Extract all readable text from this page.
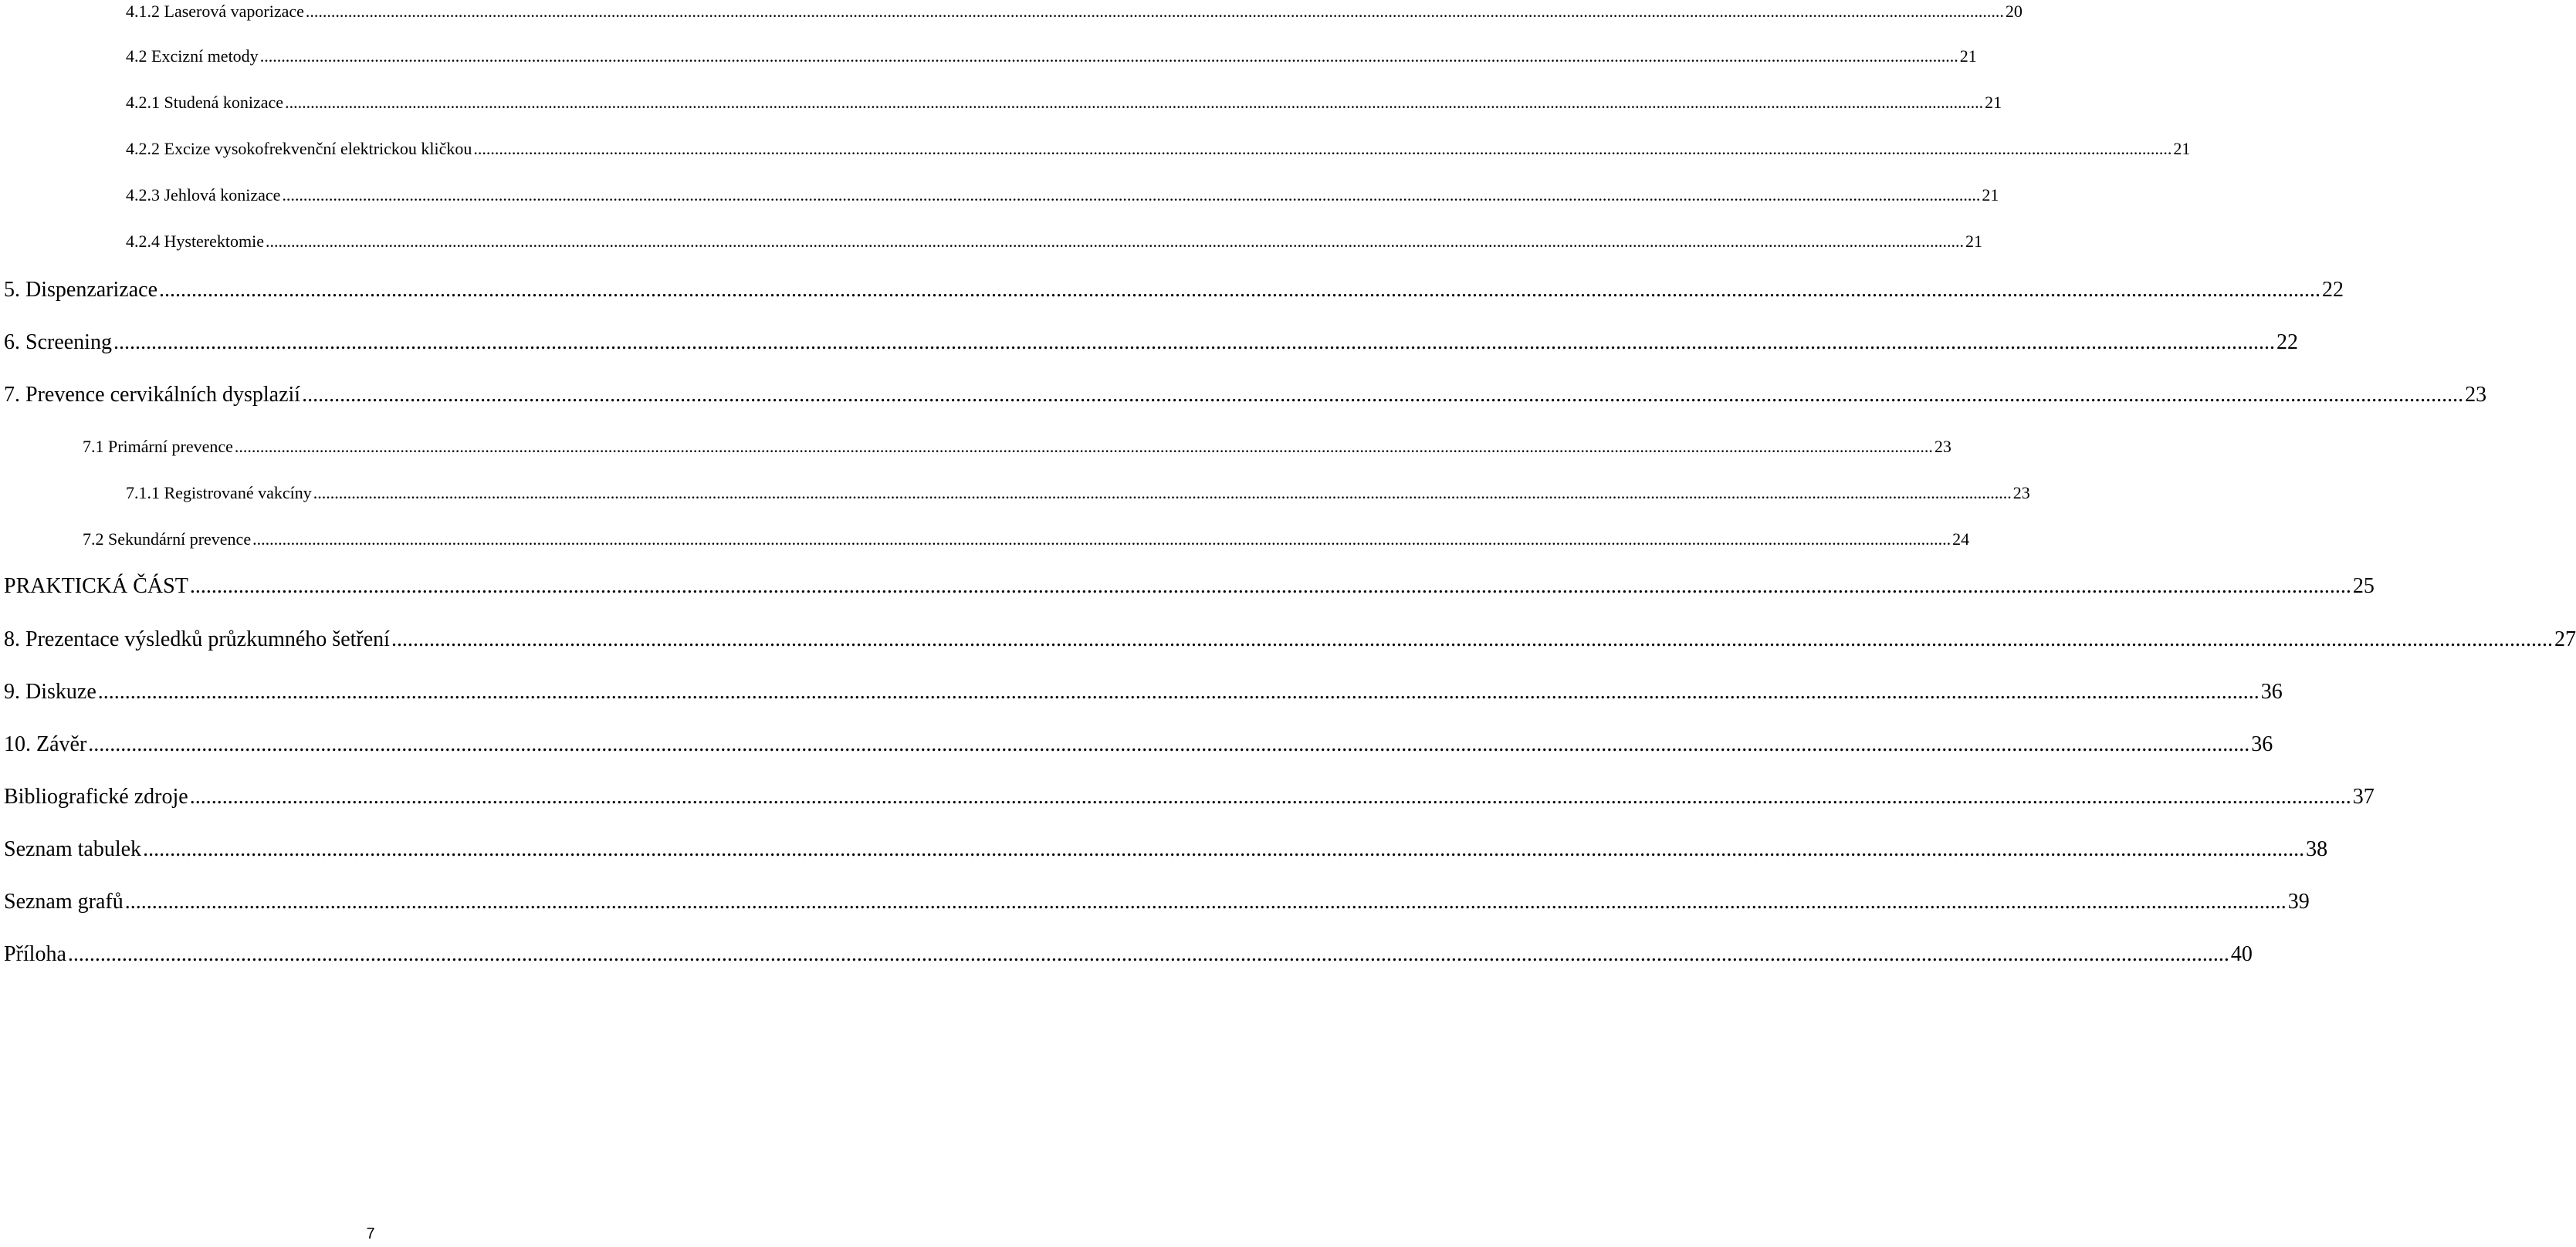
4.1.2 Laserová vaporizace ................................................................................................................................................................................................................................................................................................................................................................................................................ 20
4.2 Excizní metody ................................................................................................................................................................................................................................................................................................................................................................................................................ 21
4.2.1 Studená konizace ................................................................................................................................................................................................................................................................................................................................................................................................................ 21
4.2.2 Excize vysokofrekvenční elektrickou kličkou ................................................................................................................................................................................................................................................................................................................................................................................................................ 21
4.2.3 Jehlová konizace ................................................................................................................................................................................................................................................................................................................................................................................................................ 21
4.2.4 Hysterektomie ................................................................................................................................................................................................................................................................................................................................................................................................................ 21
5. Dispenzarizace ................................................................................................................................................................................................................................................................................................................................................................................................................ 22
6. Screening ................................................................................................................................................................................................................................................................................................................................................................................................................ 22
7. Prevence cervikálních dysplazií ................................................................................................................................................................................................................................................................................................................................................................................................................ 23
7.1 Primární prevence ................................................................................................................................................................................................................................................................................................................................................................................................................ 23
7.1.1 Registrované vakcíny ................................................................................................................................................................................................................................................................................................................................................................................................................ 23
7.2 Sekundární prevence ................................................................................................................................................................................................................................................................................................................................................................................................................ 24
PRAKTICKÁ ČÁST ................................................................................................................................................................................................................................................................................................................................................................................................................ 25
8. Prezentace výsledků průzkumného šetření ................................................................................................................................................................................................................................................................................................................................................................................................................ 27
9. Diskuze ................................................................................................................................................................................................................................................................................................................................................................................................................ 36
10. Závěr ................................................................................................................................................................................................................................................................................................................................................................................................................ 36
Bibliografické zdroje ................................................................................................................................................................................................................................................................................................................................................................................................................ 37
Seznam tabulek ................................................................................................................................................................................................................................................................................................................................................................................................................ 38
Seznam grafů ................................................................................................................................................................................................................................................................................................................................................................................................................ 39
Příloha ................................................................................................................................................................................................................................................................................................................................................................................................................ 40
7
